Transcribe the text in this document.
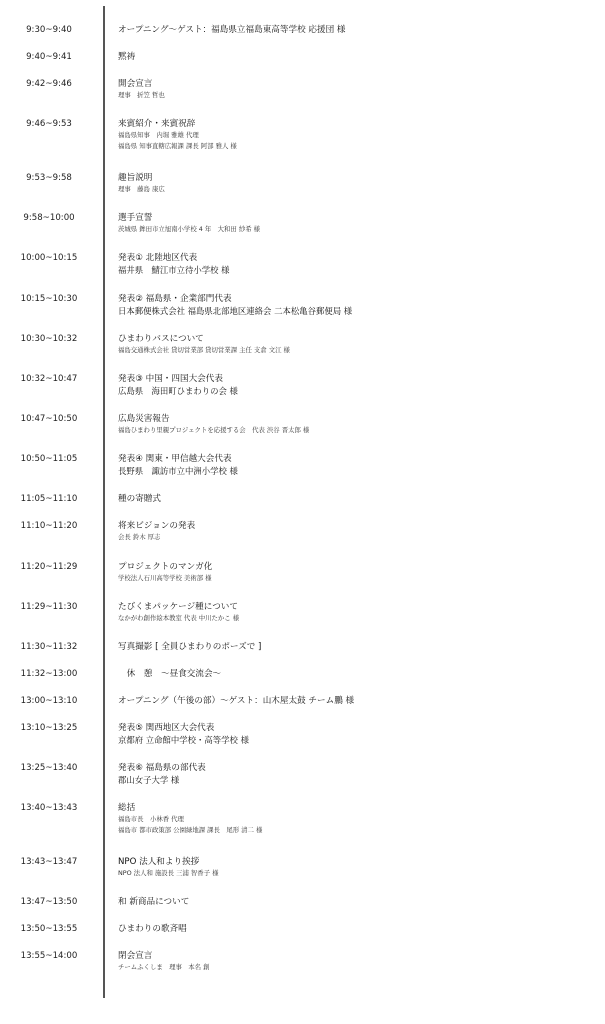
9:30~9:40	オープニング〜ゲスト：福島県立福島東高等学校 応援団 様
9:40~9:41	黙祷
9:42~9:46	開会宣言
理事　折笠 哲也
9:46~9:53	来賓紹介・来賓祝辞
福島県知事　内堀 雅雄 代理
福島県 知事直轄広報課 課長 阿部 雅人 様
9:53~9:58	趣旨説明
理事　藤島 康広
9:58~10:00	選手宣誓
茨城県 鉾田市立旭南小学校 4 年　大和田 紗希 様
10:00~10:15	発表① 北陸地区代表
福井県　鯖江市立待小学校 様
10:15~10:30	発表② 福島県・企業部門代表
日本郵便株式会社 福島県北部地区連絡会 二本松亀谷郵便局 様
10:30~10:32	ひまわりバスについて
福島交通株式会社 貸切営業部 貸切営業課 主任 支倉 文江 様
10:32~10:47	発表③ 中国・四国大会代表
広島県　海田町ひまわりの会 様
10:47~10:50	広島災害報告
福島ひまわり里親プロジェクトを応援する会　代表 渋谷 晋太郎 様
10:50~11:05	発表④ 関東・甲信越大会代表
長野県　諏訪市立中洲小学校 様
11:05~11:10	種の寄贈式
11:10~11:20	将来ビジョンの発表
会長 鈴木 厚志
11:20~11:29	プロジェクトのマンガ化
学校法人石川高等学校 美術部 様
11:29~11:30	たびくまパッケージ種について
なかがわ創作絵本教室 代表 中川たかこ 様
11:30~11:32	写真撮影 [ 全員ひまわりのポーズで ]
11:32~13:00	　休　憩　〜昼食交流会〜
13:00~13:10	オープニング（午後の部）〜ゲスト：山木屋太鼓 チーム鵬 様
13:10~13:25	発表⑤ 関西地区大会代表
京都府 立命館中学校・高等学校 様
13:25~13:40	発表⑥ 福島県の部代表
郡山女子大学 様
13:40~13:43	総括
福島市長　小林香 代理
福島市 都市政策部 公園緑地課 課長　尾形 清二 様
13:43~13:47	NPO 法人和より挨拶
NPO 法人和 施設長 三浦 智香子 様
13:47~13:50	和 新商品について
13:50~13:55	ひまわりの歌斉唱
13:55~14:00	閉会宣言
チームふくしま　理事　本名 創
